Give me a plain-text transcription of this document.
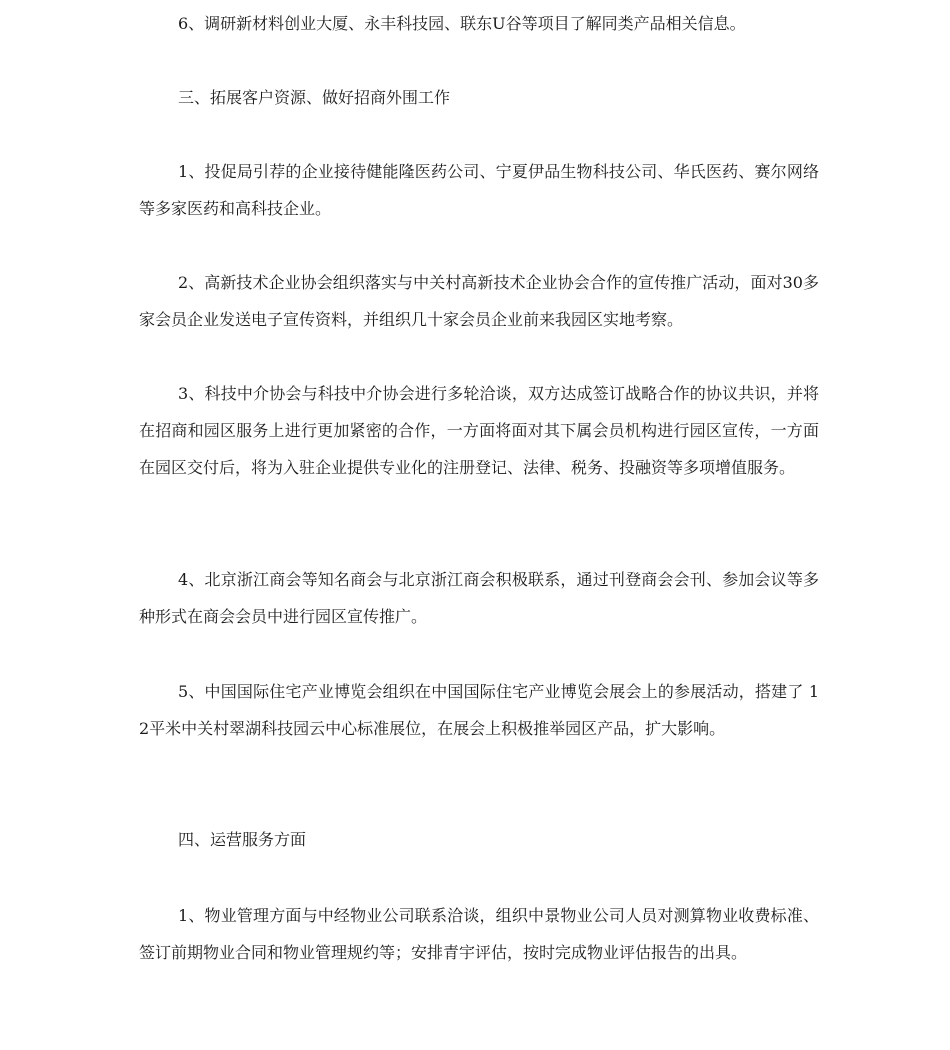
6、调研新材料创业大厦、永丰科技园、联东U谷等项目了解同类产品相关信息。

三、拓展客户资源、做好招商外围工作

1、投促局引荐的企业接待健能隆医药公司、宁夏伊品生物科技公司、华氏医药、赛尔网络等多家医药和高科技企业。

2、高新技术企业协会组织落实与中关村高新技术企业协会合作的宣传推广活动，面对30多家会员企业发送电子宣传资料，并组织几十家会员企业前来我园区实地考察。

3、科技中介协会与科技中介协会进行多轮洽谈，双方达成签订战略合作的协议共识，并将在招商和园区服务上进行更加紧密的合作，一方面将面对其下属会员机构进行园区宣传，一方面在园区交付后，将为入驻企业提供专业化的注册登记、法律、税务、投融资等多项增值服务。

4、北京浙江商会等知名商会与北京浙江商会积极联系，通过刊登商会会刊、参加会议等多种形式在商会会员中进行园区宣传推广。

5、中国国际住宅产业博览会组织在中国国际住宅产业博览会展会上的参展活动，搭建了 12平米中关村翠湖科技园云中心标准展位，在展会上积极推举园区产品，扩大影响。

四、运营服务方面

1、物业管理方面与中经物业公司联系洽谈，组织中景物业公司人员对测算物业收费标准、签订前期物业合同和物业管理规约等；安排青宇评估，按时完成物业评估报告的出具。
